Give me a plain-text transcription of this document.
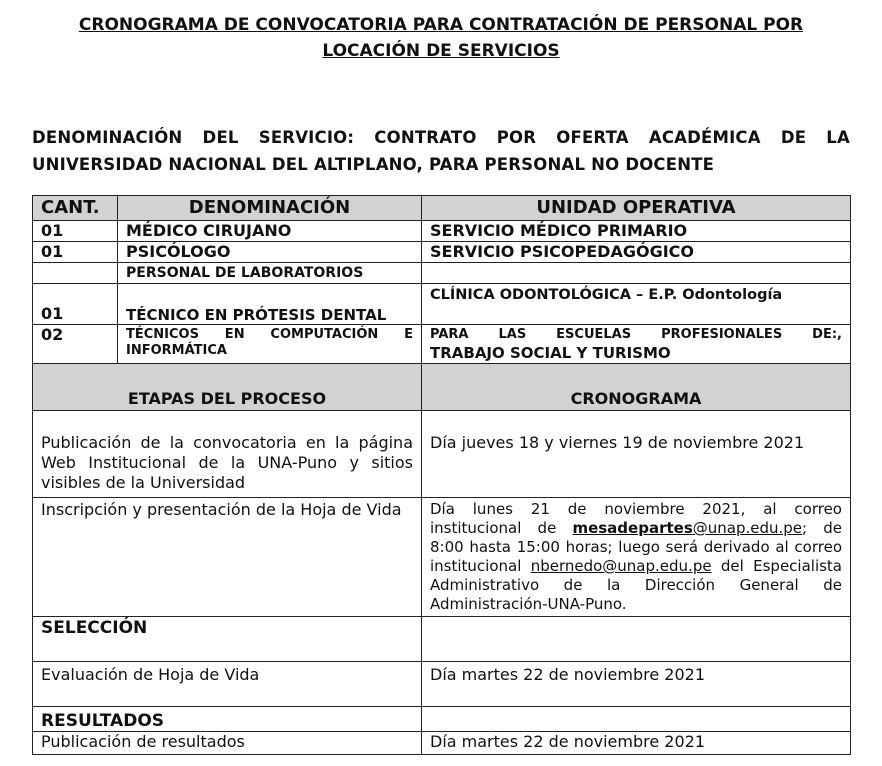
CRONOGRAMA DE CONVOCATORIA PARA CONTRATACIÓN DE PERSONAL POR
LOCACIÓN DE SERVICIOS
DENOMINACIÓN DEL SERVICIO: CONTRATO POR OFERTA ACADÉMICA DE LA
UNIVERSIDAD NACIONAL DEL ALTIPLANO, PARA PERSONAL NO DOCENTE
CANT.	DENOMINACIÓN	UNIDAD OPERATIVA
01	MÉDICO CIRUJANO	SERVICIO MÉDICO PRIMARIO
01	PSICÓLOGO	SERVICIO PSICOPEDAGÓGICO
	PERSONAL DE LABORATORIOS	
01	TÉCNICO EN PRÓTESIS DENTAL	CLÍNICA ODONTOLÓGICA – E.P. Odontología
02	TÉCNICOS EN COMPUTACIÓN E INFORMÁTICA	PARA LAS ESCUELAS PROFESIONALES DE:,
TRABAJO SOCIAL Y TURISMO

ETAPAS DEL PROCESO		CRONOGRAMA

Publicación de la convocatoria en la página Web Institucional de la UNA-Puno y sitios visibles de la Universidad		Día jueves 18 y viernes 19 de noviembre 2021

Inscripción y presentación de la Hoja de Vida		Día lunes 21 de noviembre 2021, al correo institucional de mesadepartes@unap.edu.pe; de 8:00 hasta 15:00 horas; luego será derivado al correo institucional nbernedo@unap.edu.pe del Especialista Administrativo de la Dirección General de Administración-UNA-Puno.

SELECCIÓN		
Evaluación de Hoja de Vida		Día martes 22 de noviembre 2021
RESULTADOS		
Publicación de resultados		Día martes 22 de noviembre 2021
